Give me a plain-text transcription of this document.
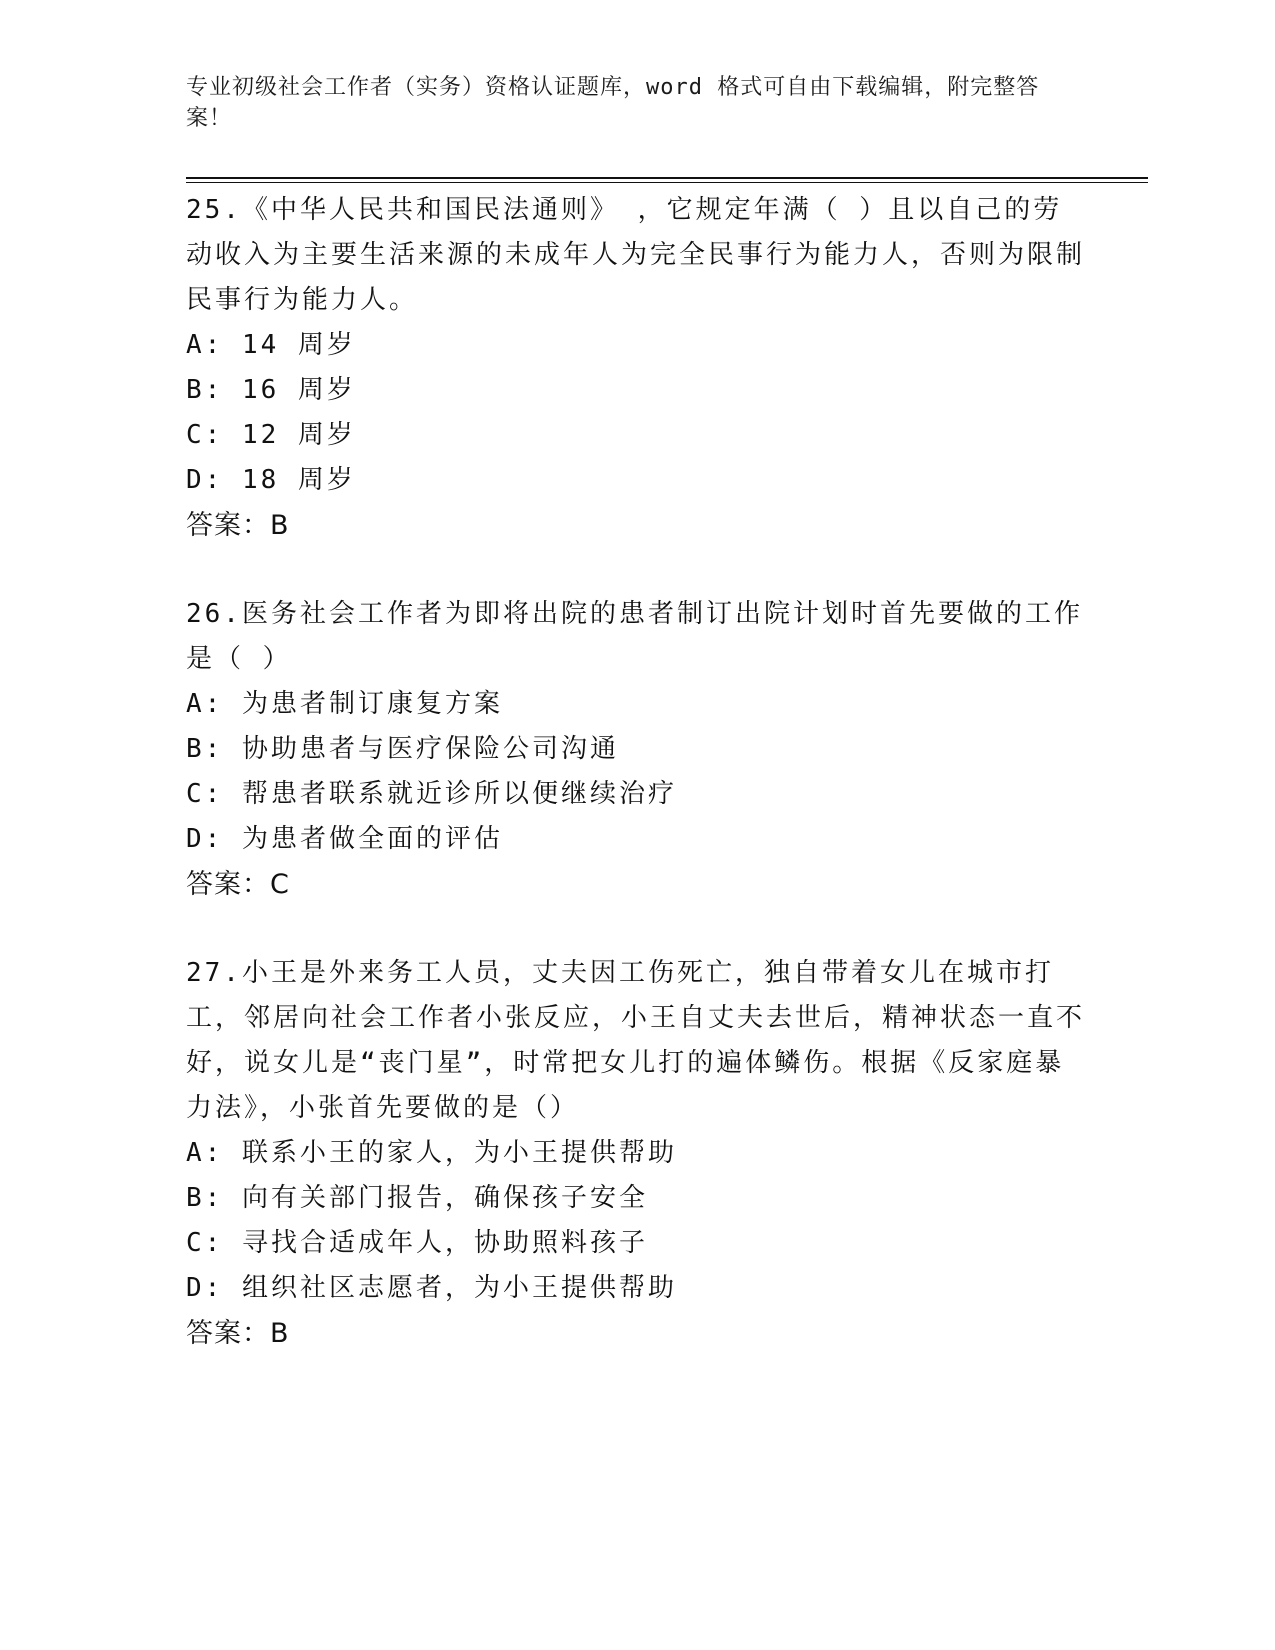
专业初级社会工作者（实务）资格认证题库，word 格式可自由下载编辑，附完整答案！

25.《中华人民共和国民法通则》 ，它规定年满（ ）且以自己的劳动收入为主要生活来源的未成年人为完全民事行为能力人，否则为限制民事行为能力人。

A: 14 周岁

B: 16 周岁

C: 12 周岁

D: 18 周岁

答案：B

26.医务社会工作者为即将出院的患者制订出院计划时首先要做的工作是（ ）

A: 为患者制订康复方案

B: 协助患者与医疗保险公司沟通

C: 帮患者联系就近诊所以便继续治疗

D: 为患者做全面的评估

答案：C

27.小王是外来务工人员，丈夫因工伤死亡，独自带着女儿在城市打工，邻居向社会工作者小张反应，小王自丈夫去世后，精神状态一直不好，说女儿是“丧门星”，时常把女儿打的遍体鳞伤。根据《反家庭暴力法》，小张首先要做的是（）

A: 联系小王的家人，为小王提供帮助

B: 向有关部门报告，确保孩子安全

C: 寻找合适成年人，协助照料孩子

D: 组织社区志愿者，为小王提供帮助

答案：B
